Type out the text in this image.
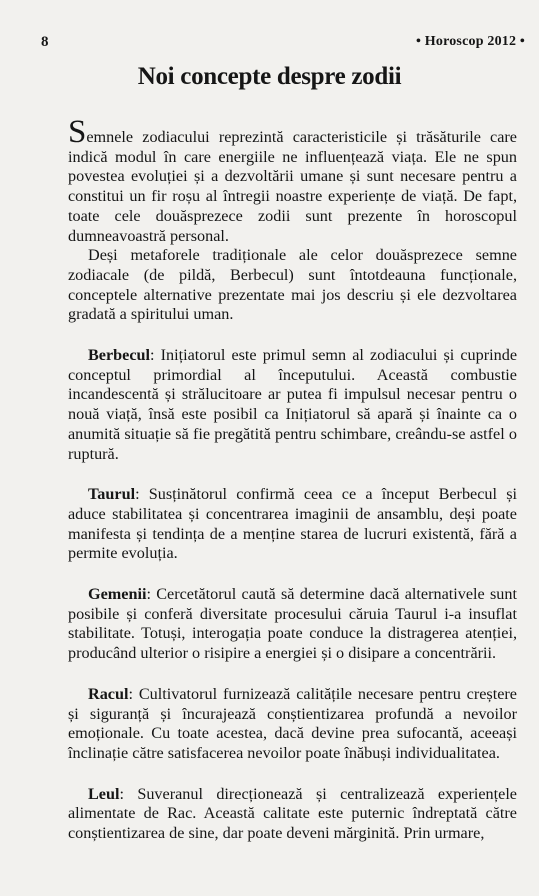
8	• Horoscop 2012 •
Noi concepte despre zodii

Semnele zodiacului reprezintă caracteristicile și trăsăturile care indică modul în care energiile ne influențează viața. Ele ne spun povestea evoluției și a dezvoltării umane și sunt necesare pentru a constitui un fir roșu al întregii noastre experiențe de viață. De fapt, toate cele douăsprezece zodii sunt prezente în horoscopul dumneavoastră personal.

Deși metaforele tradiționale ale celor douăsprezece semne zodiacale (de pildă, Berbecul) sunt întotdeauna funcționale, conceptele alternative prezentate mai jos descriu și ele dezvoltarea gradată a spiritului uman.

Berbecul: Inițiatorul este primul semn al zodiacului și cuprinde conceptul primordial al începutului. Această combustie incandescentă și strălucitoare ar putea fi impulsul necesar pentru o nouă viață, însă este posibil ca Inițiatorul să apară și înainte ca o anumită situație să fie pregătită pentru schimbare, creându-se astfel o ruptură.

Taurul: Susținătorul confirmă ceea ce a început Berbecul și aduce stabilitatea și concentrarea imaginii de ansamblu, deși poate manifesta și tendința de a menține starea de lucruri existentă, fără a permite evoluția.

Gemenii: Cercetătorul caută să determine dacă alternativele sunt posibile și conferă diversitate procesului căruia Taurul i-a insuflat stabilitate. Totuși, interogația poate conduce la distragerea atenției, producând ulterior o risipire a energiei și o disipare a concentrării.

Racul: Cultivatorul furnizează calitățile necesare pentru creștere și siguranță și încurajează conștientizarea profundă a nevoilor emoționale. Cu toate acestea, dacă devine prea sufocantă, aceeași înclinație către satisfacerea nevoilor poate înăbuși individualitatea.

Leul: Suveranul direcționează și centralizează experiențele alimentate de Rac. Această calitate este puternic îndreptată către conștientizarea de sine, dar poate deveni mărginită. Prin urmare,
